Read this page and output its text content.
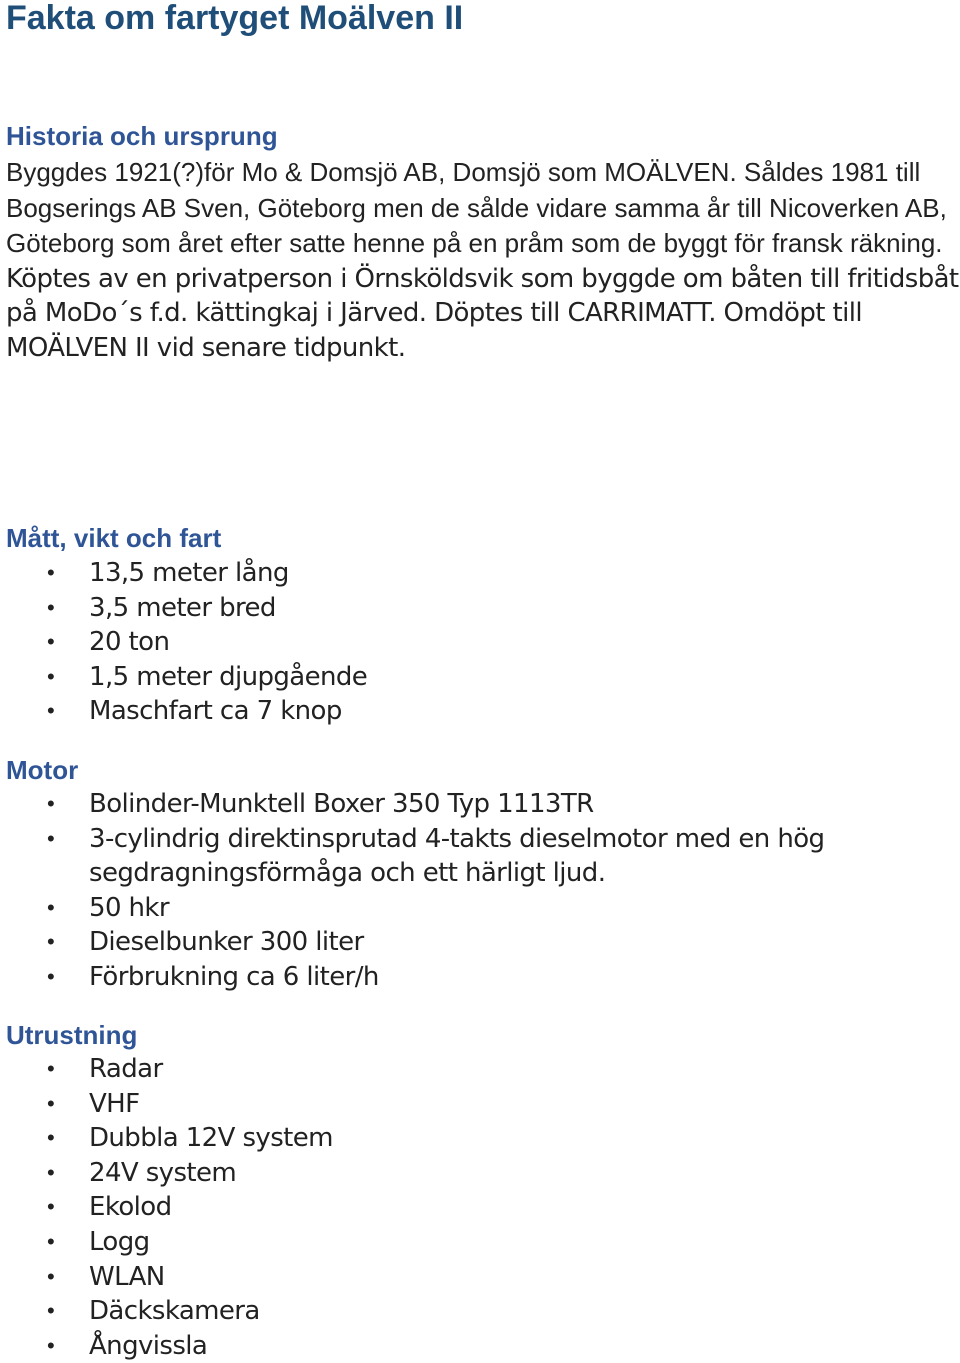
Fakta om fartyget Moälven II
Historia och ursprung

Byggdes 1921(?)för Mo & Domsjö AB, Domsjö som MOÄLVEN. Såldes 1981 till Bogserings AB Sven, Göteborg men de sålde vidare samma år till Nicoverken AB, Göteborg som året efter satte henne på en pråm som de byggt för fransk räkning. Köptes av en privatperson i Örnsköldsvik som byggde om båten till fritidsbåt på MoDo´s f.d. kättingkaj i Järved. Döptes till CARRIMATT. Omdöpt till MOÄLVEN II vid senare tidpunkt.

Mått, vikt och fart
• 13,5 meter lång
• 3,5 meter bred
• 20 ton
• 1,5 meter djupgående
• Maschfart ca 7 knop
Motor
• Bolinder-Munktell Boxer 350 Typ 1113TR
• 3-cylindrig direktinsprutad 4-takts dieselmotor med en hög segdragningsförmåga och ett härligt ljud.
• 50 hkr
• Dieselbunker 300 liter
• Förbrukning ca 6 liter/h
Utrustning
• Radar
• VHF
• Dubbla 12V system
• 24V system
• Ekolod
• Logg
• WLAN
• Däckskamera
• Ångvissla
